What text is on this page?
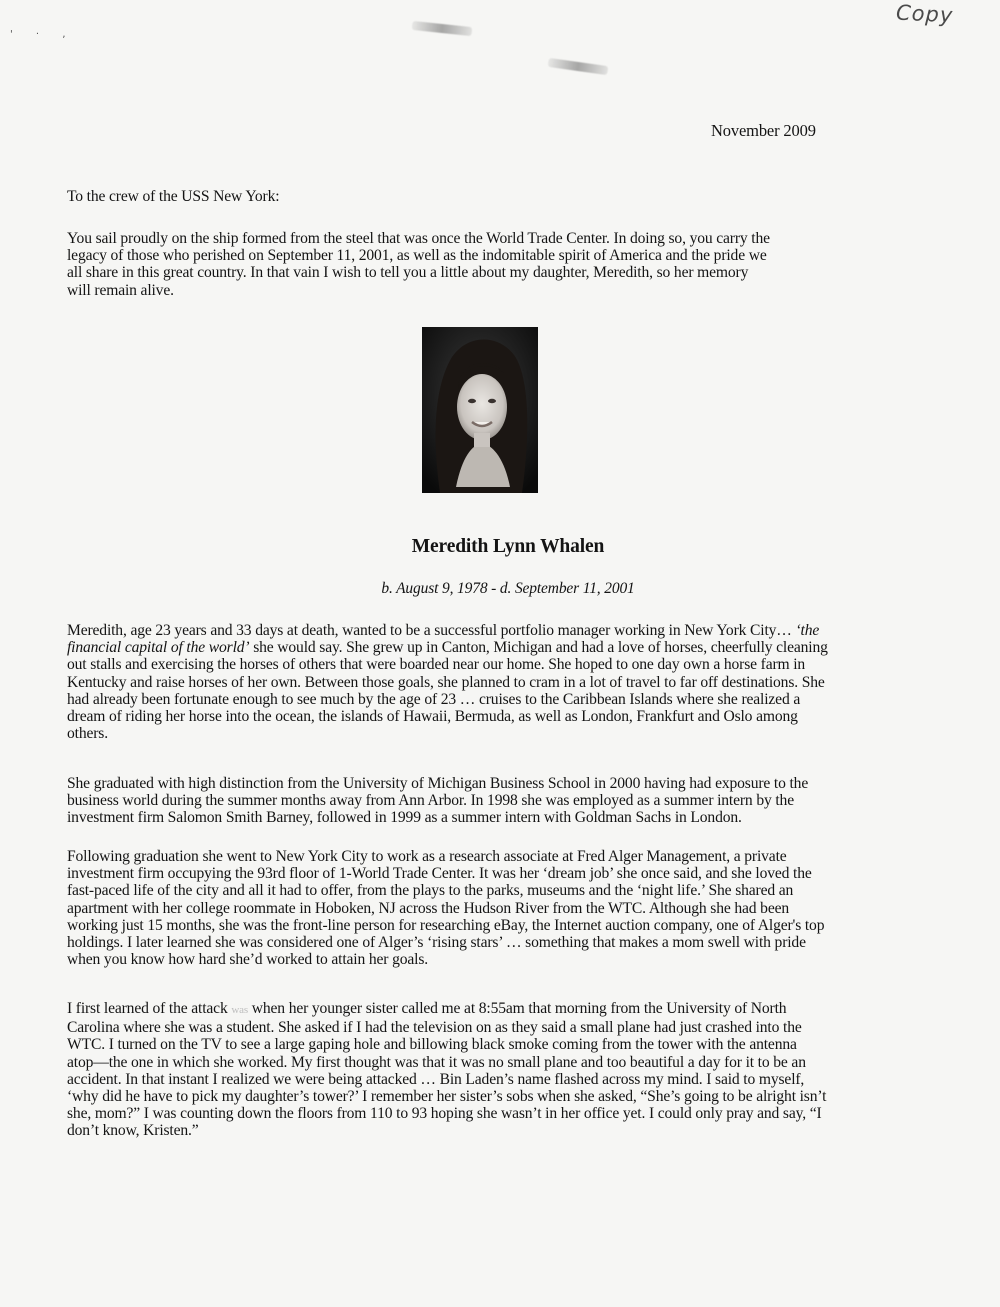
' · ‚
Copy
November 2009

To the crew of the USS New York:

You sail proudly on the ship formed from the steel that was once the World Trade Center. In doing so, you carry the
legacy of those who perished on September 11, 2001, as well as the indomitable spirit of America and the pride we
all share in this great country. In that vain I wish to tell you a little about my daughter, Meredith, so her memory
will remain alive.

Meredith Lynn Whalen
b. August 9, 1978 - d. September 11, 2001

Meredith, age 23 years and 33 days at death, wanted to be a successful portfolio manager working in New York City… ‘the
financial capital of the world’ she would say. She grew up in Canton, Michigan and had a love of horses, cheerfully cleaning
out stalls and exercising the horses of others that were boarded near our home. She hoped to one day own a horse farm in
Kentucky and raise horses of her own. Between those goals, she planned to cram in a lot of travel to far off destinations. She
had already been fortunate enough to see much by the age of 23 … cruises to the Caribbean Islands where she realized a
dream of riding her horse into the ocean, the islands of Hawaii, Bermuda, as well as London, Frankfurt and Oslo among
others.

She graduated with high distinction from the University of Michigan Business School in 2000 having had exposure to the
business world during the summer months away from Ann Arbor. In 1998 she was employed as a summer intern by the
investment firm Salomon Smith Barney, followed in 1999 as a summer intern with Goldman Sachs in London.

Following graduation she went to New York City to work as a research associate at Fred Alger Management, a private
investment firm occupying the 93rd floor of 1-World Trade Center. It was her ‘dream job’ she once said, and she loved the
fast-paced life of the city and all it had to offer, from the plays to the parks, museums and the ‘night life.’ She shared an
apartment with her college roommate in Hoboken, NJ across the Hudson River from the WTC. Although she had been
working just 15 months, she was the front-line person for researching eBay, the Internet auction company, one of Alger's top
holdings. I later learned she was considered one of Alger’s ‘rising stars’ … something that makes a mom swell with pride
when you know how hard she’d worked to attain her goals.

I first learned of the attack was when her younger sister called me at 8:55am that morning from the University of North
Carolina where she was a student. She asked if I had the television on as they said a small plane had just crashed into the
WTC. I turned on the TV to see a large gaping hole and billowing black smoke coming from the tower with the antenna
atop—the one in which she worked. My first thought was that it was no small plane and too beautiful a day for it to be an
accident. In that instant I realized we were being attacked … Bin Laden’s name flashed across my mind. I said to myself,
‘why did he have to pick my daughter’s tower?’ I remember her sister’s sobs when she asked, “She’s going to be alright isn’t
she, mom?” I was counting down the floors from 110 to 93 hoping she wasn’t in her office yet. I could only pray and say, “I
don’t know, Kristen.”
